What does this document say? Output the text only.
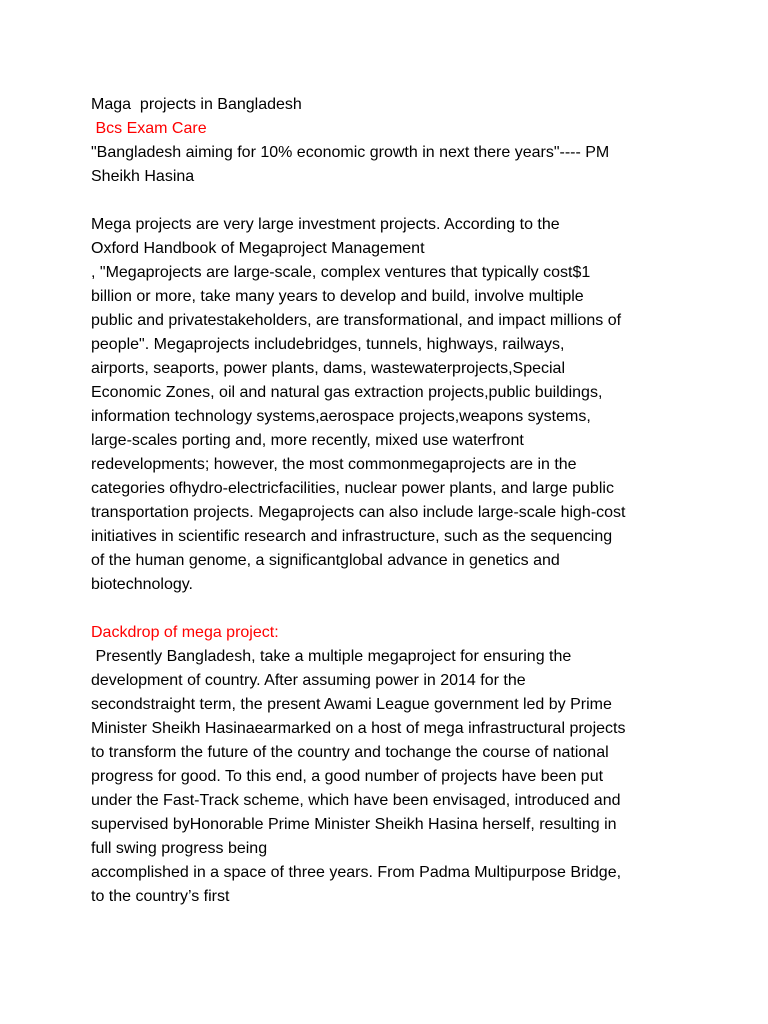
Maga  projects in Bangladesh
Bcs Exam Care
"Bangladesh aiming for 10% economic growth in next there years"---- PM
Sheikh Hasina
Mega projects are very large investment projects. According to the
Oxford Handbook of Megaproject Management
, "Megaprojects are large-scale, complex ventures that typically cost$1
billion or more, take many years to develop and build, involve multiple
public and privatestakeholders, are transformational, and impact millions of
people". Megaprojects includebridges, tunnels, highways, railways,
airports, seaports, power plants, dams, wastewaterprojects,Special
Economic Zones, oil and natural gas extraction projects,public buildings,
information technology systems,aerospace projects,weapons systems,
large-scales porting and, more recently, mixed use waterfront
redevelopments; however, the most commonmegaprojects are in the
categories ofhydro-electricfacilities, nuclear power plants, and large public
transportation projects. Megaprojects can also include large-scale high-cost
initiatives in scientific research and infrastructure, such as the sequencing
of the human genome, a significantglobal advance in genetics and
biotechnology.
Dackdrop of mega project:
Presently Bangladesh, take a multiple megaproject for ensuring the
development of country. After assuming power in 2014 for the
secondstraight term, the present Awami League government led by Prime
Minister Sheikh Hasinaearmarked on a host of mega infrastructural projects
to transform the future of the country and tochange the course of national
progress for good. To this end, a good number of projects have been put
under the Fast-Track scheme, which have been envisaged, introduced and
supervised byHonorable Prime Minister Sheikh Hasina herself, resulting in
full swing progress being
accomplished in a space of three years. From Padma Multipurpose Bridge,
to the country’s first
